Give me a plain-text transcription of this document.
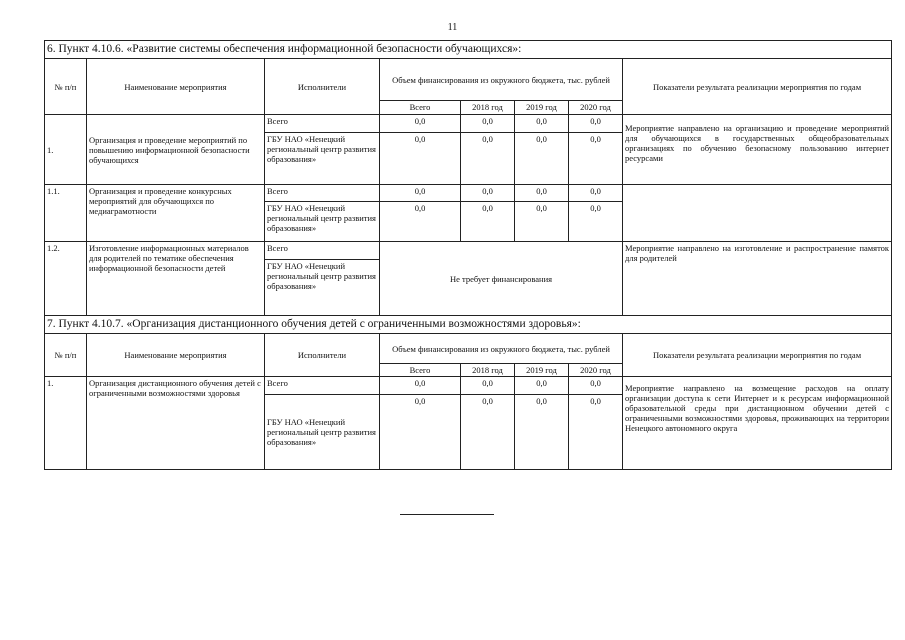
11
6. Пункт 4.10.6. «Развитие системы обеспечения информационной безопасности обучающихся»:							
№ п/п	Наименование мероприятия	Исполнители	Объем финансирования из окружного бюджета, тыс. рублей				Показатели результата реализации мероприятия по годам
			Всего	2018 год	2019 год	2020 год	
1.	Организация и проведение мероприятий по повышению информационной безопасности обучающихся	Всего	0,0	0,0	0,0	0,0	Мероприятие направлено на организацию и проведение мероприятий для обучающихся в государственных общеобразовательных организациях по обучению безопасному пользованию интернет ресурсами
		ГБУ НАО «Ненецкий региональный центр развития образования»	0,0	0,0	0,0	0,0	
1.1.	Организация и проведение конкурсных мероприятий для обучающихся по медиаграмотности	Всего	0,0	0,0	0,0	0,0	
		ГБУ НАО «Ненецкий региональный центр развития образования»	0,0	0,0	0,0	0,0	
1.2.	Изготовление информационных материалов для родителей по тематике обеспечения информационной безопасности детей	Всего	Не требует финансирования				Мероприятие направлено на изготовление и распространение памяток для родителей
		ГБУ НАО «Ненецкий региональный центр развития образования»					
7. Пункт 4.10.7. «Организация дистанционного обучения детей с ограниченными возможностями здоровья»:							
№ п/п	Наименование мероприятия	Исполнители	Объем финансирования из окружного бюджета, тыс. рублей				Показатели результата реализации мероприятия по годам
			Всего	2018 год	2019 год	2020 год	
1.	Организация дистанционного обучения детей с ограниченными возможностями здоровья	Всего	0,0	0,0	0,0	0,0	Мероприятие направлено на возмещение расходов на оплату организации доступа к сети Интернет и к ресурсам информационной образовательной среды при дистанционном обучении детей с ограниченными возможностями здоровья, проживающих на территории Ненецкого автономного округа
		ГБУ НАО «Ненецкий региональный центр развития образования»	0,0	0,0	0,0	0,0	
